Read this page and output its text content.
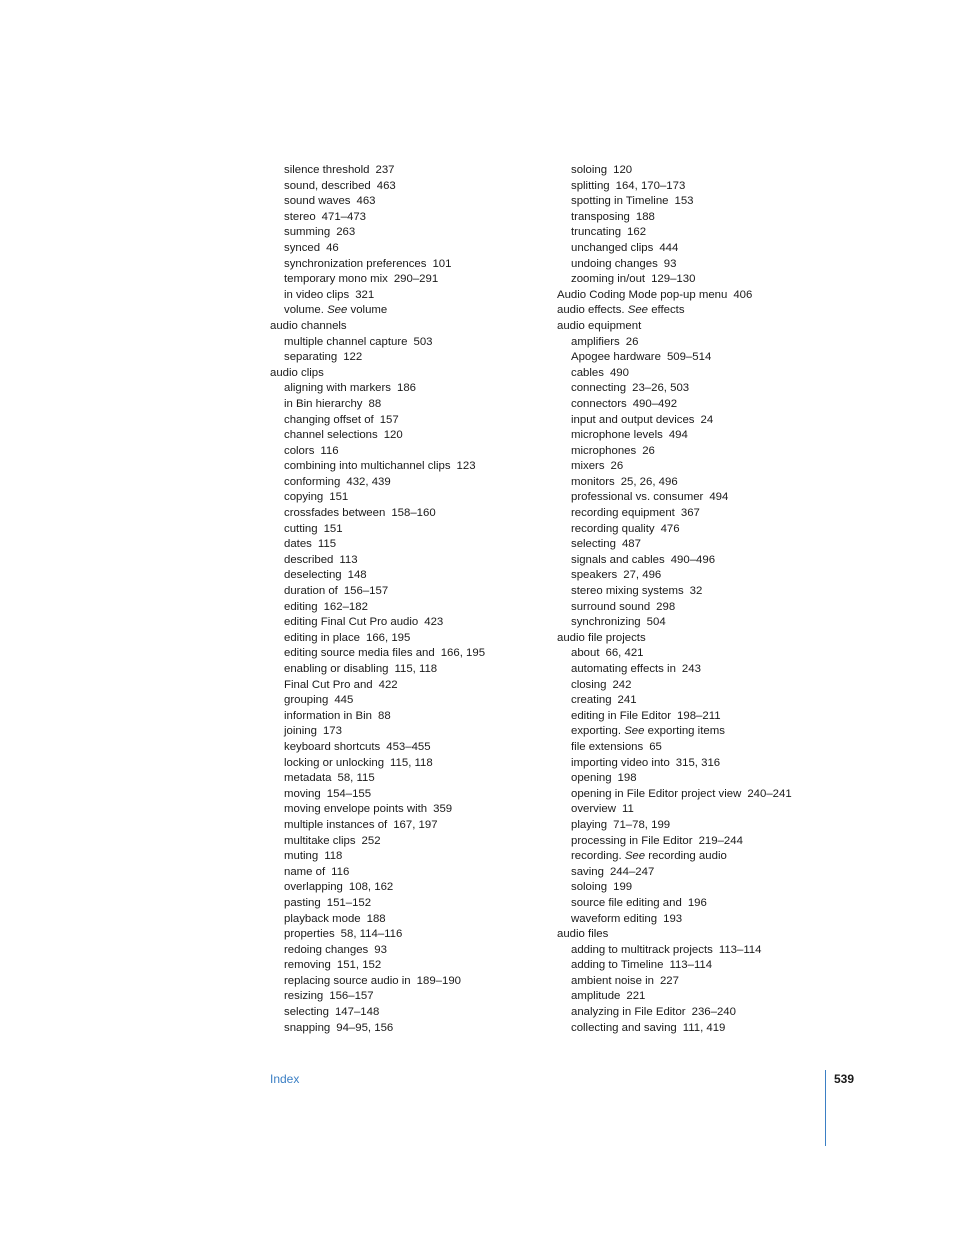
silence threshold 237
sound, described 463
sound waves 463
stereo 471–473
summing 263
synced 46
synchronization preferences 101
temporary mono mix 290–291
in video clips 321
volume. See volume
audio channels
multiple channel capture 503
separating 122
audio clips
aligning with markers 186
in Bin hierarchy 88
changing offset of 157
channel selections 120
colors 116
combining into multichannel clips 123
conforming 432, 439
copying 151
crossfades between 158–160
cutting 151
dates 115
described 113
deselecting 148
duration of 156–157
editing 162–182
editing Final Cut Pro audio 423
editing in place 166, 195
editing source media files and 166, 195
enabling or disabling 115, 118
Final Cut Pro and 422
grouping 445
information in Bin 88
joining 173
keyboard shortcuts 453–455
locking or unlocking 115, 118
metadata 58, 115
moving 154–155
moving envelope points with 359
multiple instances of 167, 197
multitake clips 252
muting 118
name of 116
overlapping 108, 162
pasting 151–152
playback mode 188
properties 58, 114–116
redoing changes 93
removing 151, 152
replacing source audio in 189–190
resizing 156–157
selecting 147–148
snapping 94–95, 156
soloing 120
splitting 164, 170–173
spotting in Timeline 153
transposing 188
truncating 162
unchanged clips 444
undoing changes 93
zooming in/out 129–130
Audio Coding Mode pop-up menu 406
audio effects. See effects
audio equipment
amplifiers 26
Apogee hardware 509–514
cables 490
connecting 23–26, 503
connectors 490–492
input and output devices 24
microphone levels 494
microphones 26
mixers 26
monitors 25, 26, 496
professional vs. consumer 494
recording equipment 367
recording quality 476
selecting 487
signals and cables 490–496
speakers 27, 496
stereo mixing systems 32
surround sound 298
synchronizing 504
audio file projects
about 66, 421
automating effects in 243
closing 242
creating 241
editing in File Editor 198–211
exporting. See exporting items
file extensions 65
importing video into 315, 316
opening 198
opening in File Editor project view 240–241
overview 11
playing 71–78, 199
processing in File Editor 219–244
recording. See recording audio
saving 244–247
soloing 199
source file editing and 196
waveform editing 193
audio files
adding to multitrack projects 113–114
adding to Timeline 113–114
ambient noise in 227
amplitude 221
analyzing in File Editor 236–240
collecting and saving 111, 419
Index	539
